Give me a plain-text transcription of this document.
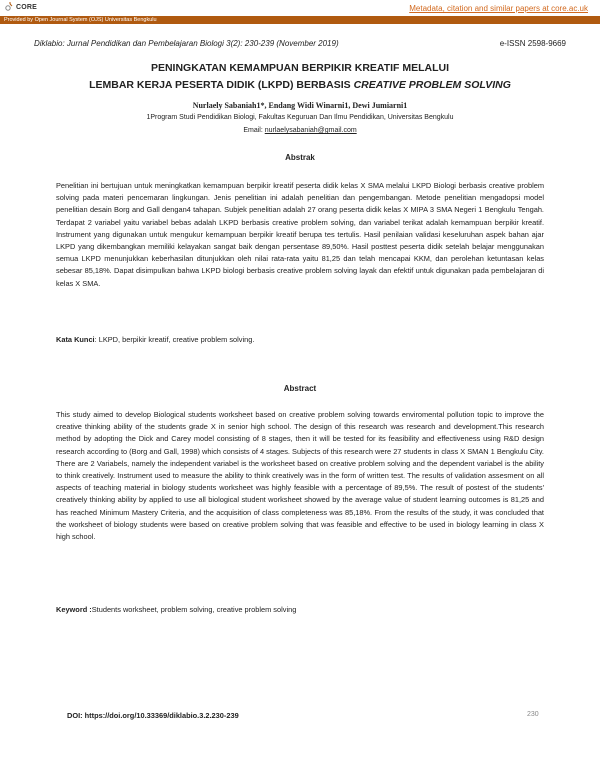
CORE	Metadata, citation and similar papers at core.ac.uk
Provided by Open Journal System (OJS) Universitas Bengkulu
Diklabio: Jurnal Pendidikan dan Pembelajaran Biologi 3(2): 230-239 (November 2019)	e-ISSN 2598-9669
PENINGKATAN KEMAMPUAN BERPIKIR KREATIF MELALUI
LEMBAR KERJA PESERTA DIDIK (LKPD) BERBASIS CREATIVE PROBLEM SOLVING
Nurlaely Sabaniah1*, Endang Widi Winarni1, Dewi Jumiarni1
1Program Studi Pendidikan Biologi, Fakultas Keguruan Dan Ilmu Pendidikan, Universitas Bengkulu
Email: nurlaelysabaniah@gmail.com
Abstrak
Penelitian ini bertujuan untuk meningkatkan kemampuan berpikir kreatif peserta didik kelas X SMA melalui LKPD Biologi berbasis creative problem solving pada materi pencemaran lingkungan. Jenis penelitian ini adalah penelitian dan pengembangan. Metode penelitian mengadopsi model penelitian desain Borg and Gall dengan4 tahapan. Subjek penelitian adalah 27 orang peserta didik kelas X MIPA 3 SMA Negeri 1 Bengkulu Tengah. Terdapat 2 variabel yaitu variabel bebas adalah LKPD berbasis creative problem solving, dan variabel terikat adalah kemampuan berpikir kreatif. Instrument yang digunakan untuk mengukur kemampuan berpikir kreatif berupa tes tertulis. Hasil penilaian validasi keseluruhan aspek bahan ajar LKPD yang dikembangkan memiliki kelayakan sangat baik dengan persentase 89,50%. Hasil posttest peserta didik setelah belajar menggunakan semua LKPD menunjukkan keberhasilan ditunjukkan oleh nilai rata-rata yaitu 81,25 dan telah mencapai KKM, dan perolehan ketuntasan kelas sebesar 85,18%. Dapat disimpulkan bahwa LKPD biologi berbasis creative problem solving layak dan efektif untuk digunakan pada pembelajaran di kelas X SMA.
Kata Kunci: LKPD, berpikir kreatif, creative problem solving.
Abstract
This study aimed to develop Biological students worksheet based on creative problem solving towards enviromental pollution topic to improve the creative thinking ability of the students grade X in senior high school. The design of this research was research and development.This research method by adopting the Dick and Carey model consisting of 8 stages, then it will be tested for its feasibility and effectiveness using R&D design research according to (Borg and Gall, 1998) which consists of 4 stages. Subjects of this research were 27 students in class X SMAN 1 Bengkulu City. There are 2 Variabels, namely the independent variabel is the worksheet based on creative problem solving and the dependent variabel is the ability to think creatively. Instrument used to measure the ability to think creatively was in the form of written test. The results of validation assesment on all aspects of teaching material in biology students worksheet was highly feasible with a percentage of 89,5%. The result of postest of the students' creatively thinking ability by applied to use all biological student worksheet showed by the average value of student learning outcomes is 81,25 and has reached Minimum Mastery Criteria, and the acquisition of class completeness was 85,18%. From the results of the study, it was concluded that the worksheet of biology students were based on creative problem solving that was feasible and effective to be used in biology learning in class X high school.
Keyword :Students worksheet, problem solving, creative problem solving
DOI: https://doi.org/10.33369/diklabio.3.2.230-239	230
